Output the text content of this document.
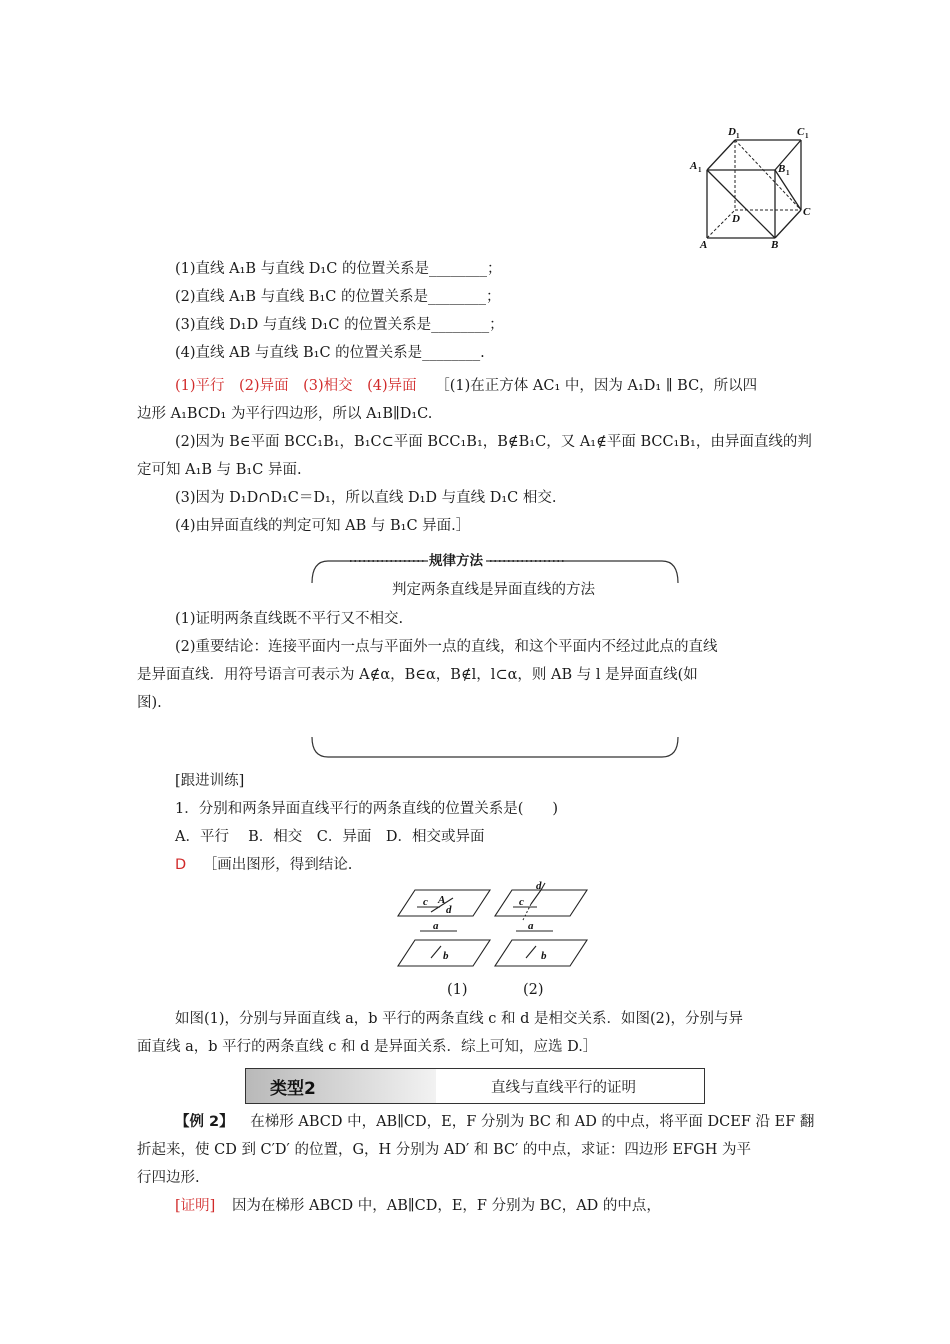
D 1	C 1
A 1	B 1
D
C
A	B
(1)直线 A₁B 与直线 D₁C 的位置关系是________；
(2)直线 A₁B 与直线 B₁C 的位置关系是________；
(3)直线 D₁D 与直线 D₁C 的位置关系是________；
(4)直线 AB 与直线 B₁C 的位置关系是________.
(1)平行　(2)异面　(3)相交　(4)异面 ［(1)在正方体 AC₁ 中，因为 A₁D₁ ∥ BC，所以四
边形 A₁BCD₁ 为平行四边形，所以 A₁B∥D₁C.
(2)因为 B∈平面 BCC₁B₁，B₁C⊂平面 BCC₁B₁，B∉B₁C，又 A₁∉平面 BCC₁B₁，由异面直线的判
定可知 A₁B 与 B₁C 异面.
(3)因为 D₁D∩D₁C＝D₁，所以直线 D₁D 与直线 D₁C 相交.
(4)由异面直线的判定可知 AB 与 B₁C 异面.］
规律方法
判定两条直线是异面直线的方法
(1)证明两条直线既不平行又不相交.
(2)重要结论：连接平面内一点与平面外一点的直线，和这个平面内不经过此点的直线
是异面直线．用符号语言可表示为 A∉α，B∈α，B∉l，l⊂α，则 AB 与 l 是异面直线(如
图).
[跟进训练]
1．分别和两条异面直线平行的两条直线的位置关系是(　　)
A．平行　 B．相交　C．异面　D．相交或异面
D ［画出图形，得到结论.
c A
d
a
b
d
c
a
b
(1)	(2)
如图(1)，分别与异面直线 a，b 平行的两条直线 c 和 d 是相交关系．如图(2)，分别与异
面直线 a，b 平行的两条直线 c 和 d 是异面关系．综上可知，应选 D.］
类型2	直线与直线平行的证明
【例 2】 在梯形 ABCD 中，AB∥CD，E，F 分别为 BC 和 AD 的中点，将平面 DCEF 沿 EF 翻
折起来，使 CD 到 C′D′ 的位置，G，H 分别为 AD′ 和 BC′ 的中点，求证：四边形 EFGH 为平
行四边形.
[证明] 因为在梯形 ABCD 中，AB∥CD，E，F 分别为 BC，AD 的中点，
